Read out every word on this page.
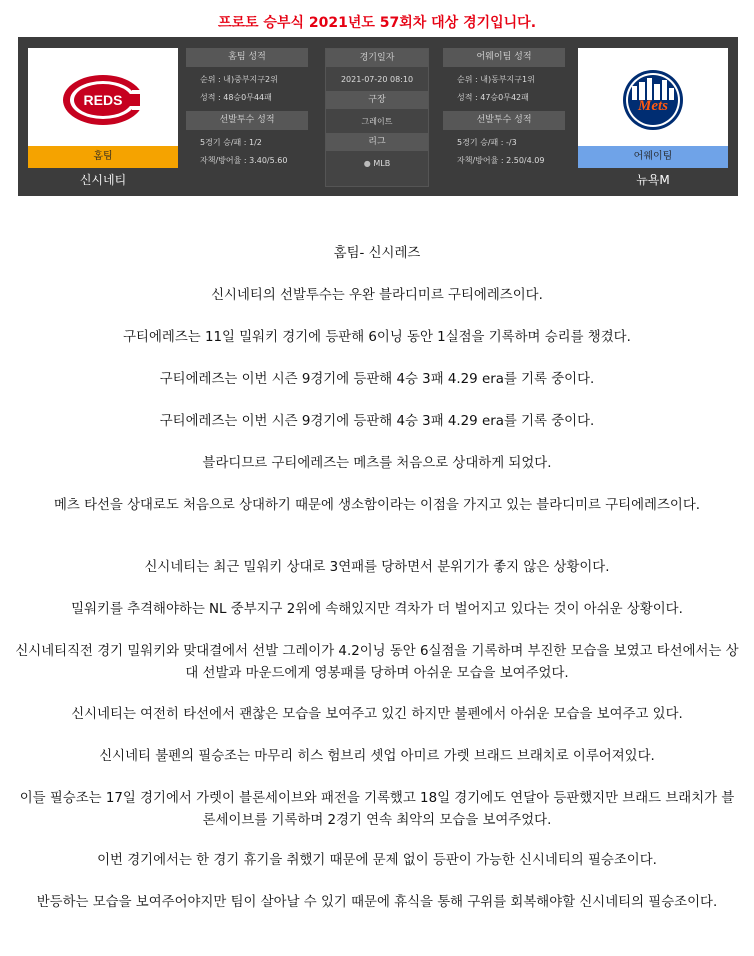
프로토 승부식 2021년도 57회차 대상 경기입니다.
REDS
홈팀
신시네티
홈팀 성적
순위 : 내)중부지구2위
성적 : 48승0무44패
선발투수 성적
5경기 승/패 : 1/2
자책/방어율 : 3.40/5.60
경기일자
2021-07-20 08:10
구장
그레이트
리그
● MLB
어웨이팀 성적
순위 : 내)동부지구1위
성적 : 47승0무42패
선발투수 성적
5경기 승/패 : -/3
자책/방어율 : 2.50/4.09
Mets
어웨이팀
뉴욕M
홈팀- 신시레즈
신시네티의 선발투수는 우완 블라디미르 구티에레즈이다.
구티에레즈는 11일 밀워키 경기에 등판해 6이닝 동안 1실점을 기록하며 승리를 챙겼다.
구티에레즈는 이번 시즌 9경기에 등판해 4승 3패 4.29 era를 기록 중이다.
구티에레즈는 이번 시즌 9경기에 등판해 4승 3패 4.29 era를 기록 중이다.
블라디므르 구티에레즈는 메츠를 처음으로 상대하게 되었다.
메츠 타선을 상대로도 처음으로 상대하기 때문에 생소함이라는 이점을 가지고 있는 블라디미르 구티에레즈이다.
신시네티는 최근 밀워키 상대로 3연패를 당하면서 분위기가 좋지 않은 상황이다.
밀워키를 추격해야하는 NL 중부지구 2위에 속해있지만 격차가 더 벌어지고 있다는 것이 아쉬운 상황이다.
신시네티직전 경기 밀워키와 맞대결에서 선발 그레이가 4.2이닝 동안 6실점을 기록하며 부진한 모습을 보였고 타선에서는 상대 선발과 마운드에게 영봉패를 당하며 아쉬운 모습을 보여주었다.
신시네티는 여전히 타선에서 괜찮은 모습을 보여주고 있긴 하지만 불펜에서 아쉬운 모습을 보여주고 있다.
신시네티 불펜의 필승조는 마무리 히스 험브리 셋업 아미르 가렛 브래드 브래치로 이루어져있다.
이들 필승조는 17일 경기에서 가렛이 블론세이브와 패전을 기록했고 18일 경기에도 연달아 등판했지만 브래드 브래치가 블론세이브를 기록하며 2경기 연속 최악의 모습을 보여주었다.
이번 경기에서는 한 경기 휴기을 취했기 때문에 문제 없이 등판이 가능한 신시네티의 필승조이다.
반등하는 모습을 보여주어야지만 팀이 살아날 수 있기 때문에 휴식을 통해 구위를 회복해야할 신시네티의 필승조이다.
